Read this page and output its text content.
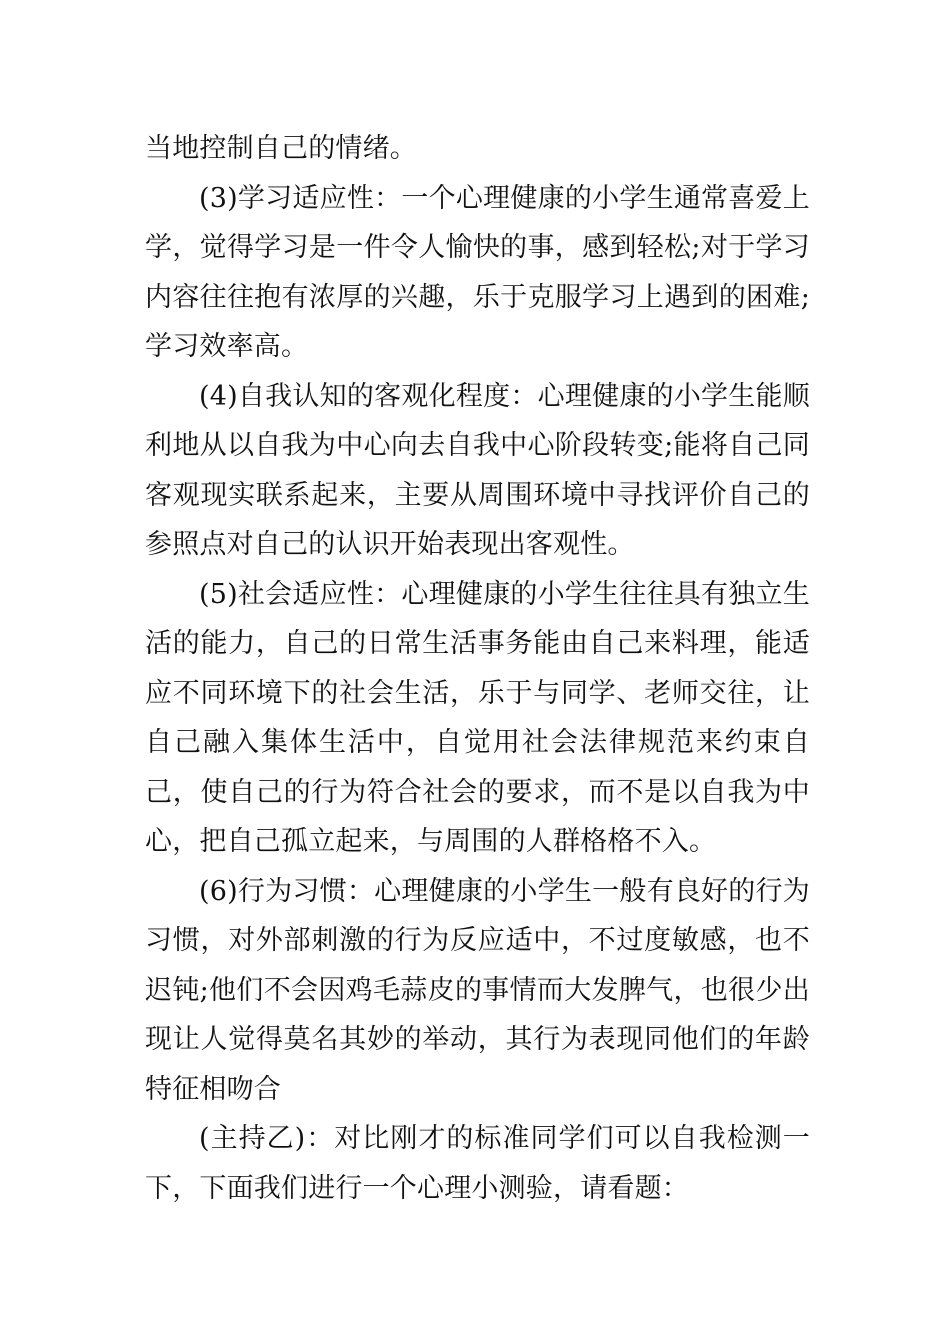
当地控制自己的情绪。

(3)学习适应性：一个心理健康的小学生通常喜爱上学，觉得学习是一件令人愉快的事，感到轻松;对于学习内容往往抱有浓厚的兴趣，乐于克服学习上遇到的困难;学习效率高。

(4)自我认知的客观化程度：心理健康的小学生能顺利地从以自我为中心向去自我中心阶段转变;能将自己同客观现实联系起来，主要从周围环境中寻找评价自己的参照点对自己的认识开始表现出客观性。

(5)社会适应性：心理健康的小学生往往具有独立生活的能力，自己的日常生活事务能由自己来料理，能适应不同环境下的社会生活，乐于与同学、老师交往，让自己融入集体生活中，自觉用社会法律规范来约束自己，使自己的行为符合社会的要求，而不是以自我为中心，把自己孤立起来，与周围的人群格格不入。

(6)行为习惯：心理健康的小学生一般有良好的行为习惯，对外部刺激的行为反应适中，不过度敏感，也不迟钝;他们不会因鸡毛蒜皮的事情而大发脾气，也很少出现让人觉得莫名其妙的举动，其行为表现同他们的年龄特征相吻合

(主持乙)：对比刚才的标准同学们可以自我检测一下，下面我们进行一个心理小测验，请看题：
